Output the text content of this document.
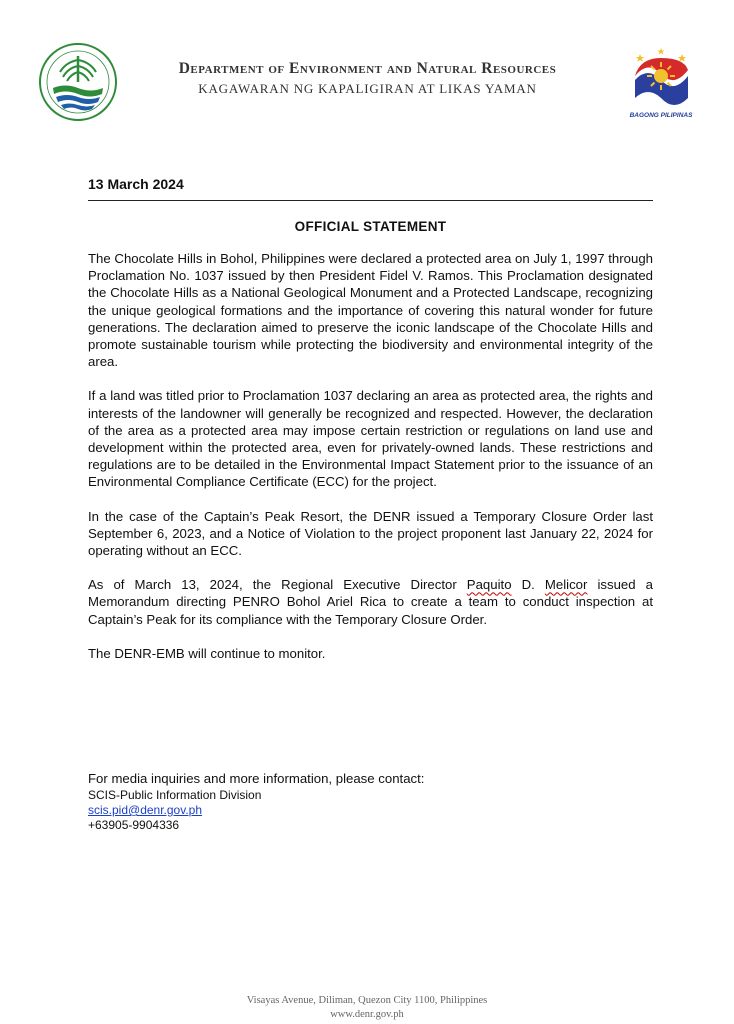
Department of Environment and Natural Resources
KAGAWARAN NG KAPALIGIRAN AT LIKAS YAMAN
BAGONG PILIPINAS
13 March 2024
OFFICIAL STATEMENT

The Chocolate Hills in Bohol, Philippines were declared a protected area on July 1, 1997 through Proclamation No. 1037 issued by then President Fidel V. Ramos. This Proclamation designated the Chocolate Hills as a National Geological Monument and a Protected Landscape, recognizing the unique geological formations and the importance of covering this natural wonder for future generations. The declaration aimed to preserve the iconic landscape of the Chocolate Hills and promote sustainable tourism while protecting the biodiversity and environmental integrity of the area.

If a land was titled prior to Proclamation 1037 declaring an area as protected area, the rights and interests of the landowner will generally be recognized and respected. However, the declaration of the area as a protected area may impose certain restriction or regulations on land use and development within the protected area, even for privately-owned lands. These restrictions and regulations are to be detailed in the Environmental Impact Statement prior to the issuance of an Environmental Compliance Certificate (ECC) for the project.

In the case of the Captain’s Peak Resort, the DENR issued a Temporary Closure Order last September 6, 2023, and a Notice of Violation to the project proponent last January 22, 2024 for operating without an ECC.

As of March 13, 2024, the Regional Executive Director Paquito D. Melicor issued a Memorandum directing PENRO Bohol Ariel Rica to create a team to conduct inspection at Captain’s Peak for its compliance with the Temporary Closure Order.

The DENR-EMB will continue to monitor.

For media inquiries and more information, please contact:
SCIS-Public Information Division
scis.pid@denr.gov.ph
+63905-9904336
Visayas Avenue, Diliman, Quezon City 1100, Philippines
www.denr.gov.ph
